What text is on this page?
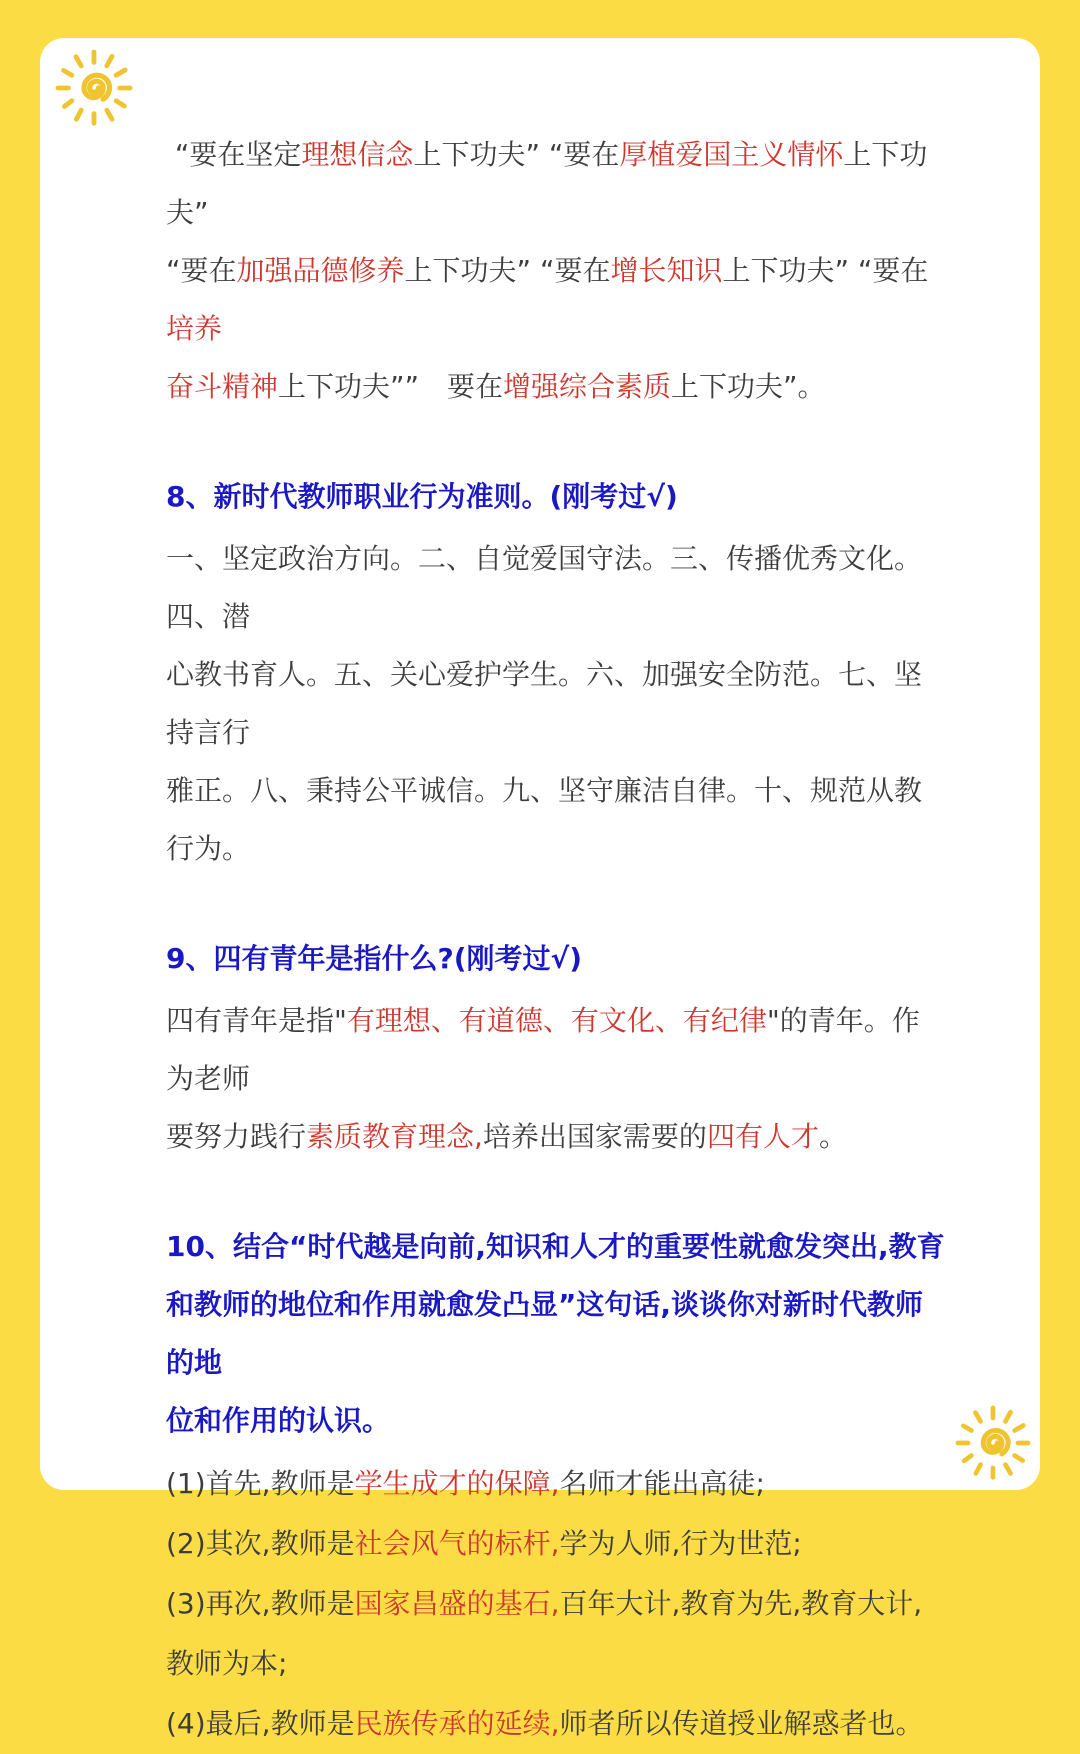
“要在坚定理想信念上下功夫” “要在厚植爱国主义情怀上下功夫”
“要在加强品德修养上下功夫” “要在增长知识上下功夫” “要在培养
奋斗精神上下功夫””　要在增强综合素质上下功夫”。

8、新时代教师职业行为准则。(刚考过√)

一、坚定政治方向。二、自觉爱国守法。三、传播优秀文化。四、潜
心教书育人。五、关心爱护学生。六、加强安全防范。七、坚持言行
雅正。八、秉持公平诚信。九、坚守廉洁自律。十、规范从教行为。

9、四有青年是指什么?(刚考过√)

四有青年是指"有理想、有道德、有文化、有纪律"的青年。作为老师
要努力践行素质教育理念,培养出国家需要的四有人才。

10、结合“时代越是向前,知识和人才的重要性就愈发突出,教育
和教师的地位和作用就愈发凸显”这句话,谈谈你对新时代教师的地
位和作用的认识。

(1)首先,教师是学生成才的保障,名师才能出高徒;
(2)其次,教师是社会风气的标杆,学为人师,行为世范;
(3)再次,教师是国家昌盛的基石,百年大计,教育为先,教育大计,
教师为本;
(4)最后,教师是民族传承的延续,师者所以传道授业解惑者也。
